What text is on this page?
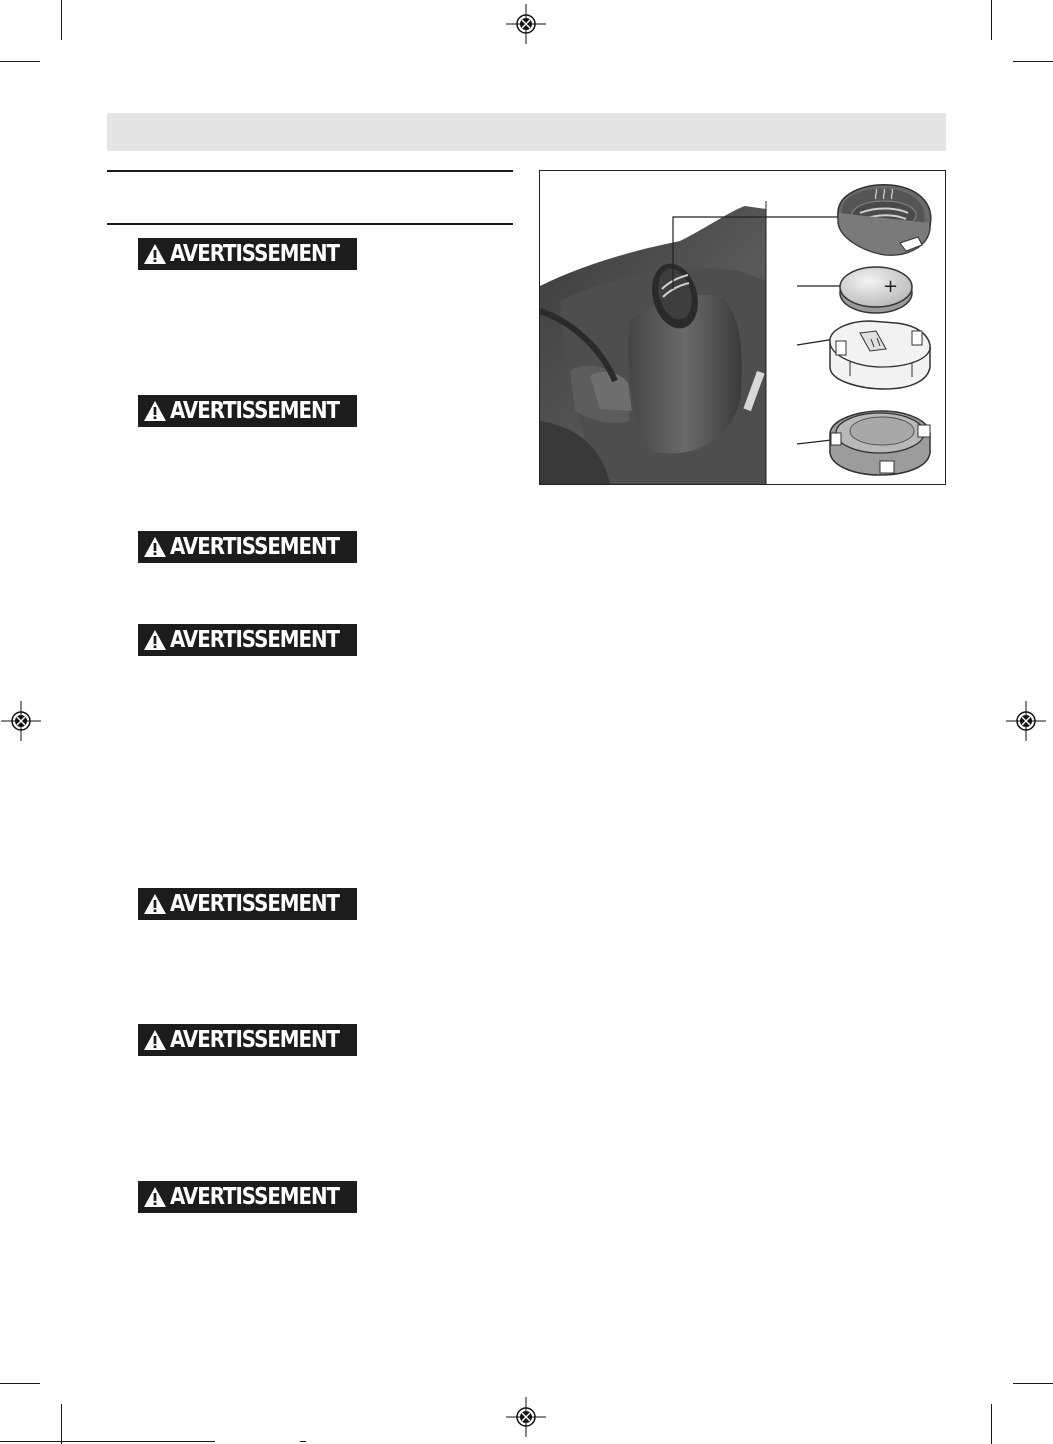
AVERTISSEMENT
AVERTISSEMENT
AVERTISSEMENT
AVERTISSEMENT
AVERTISSEMENT
AVERTISSEMENT
AVERTISSEMENT
+
